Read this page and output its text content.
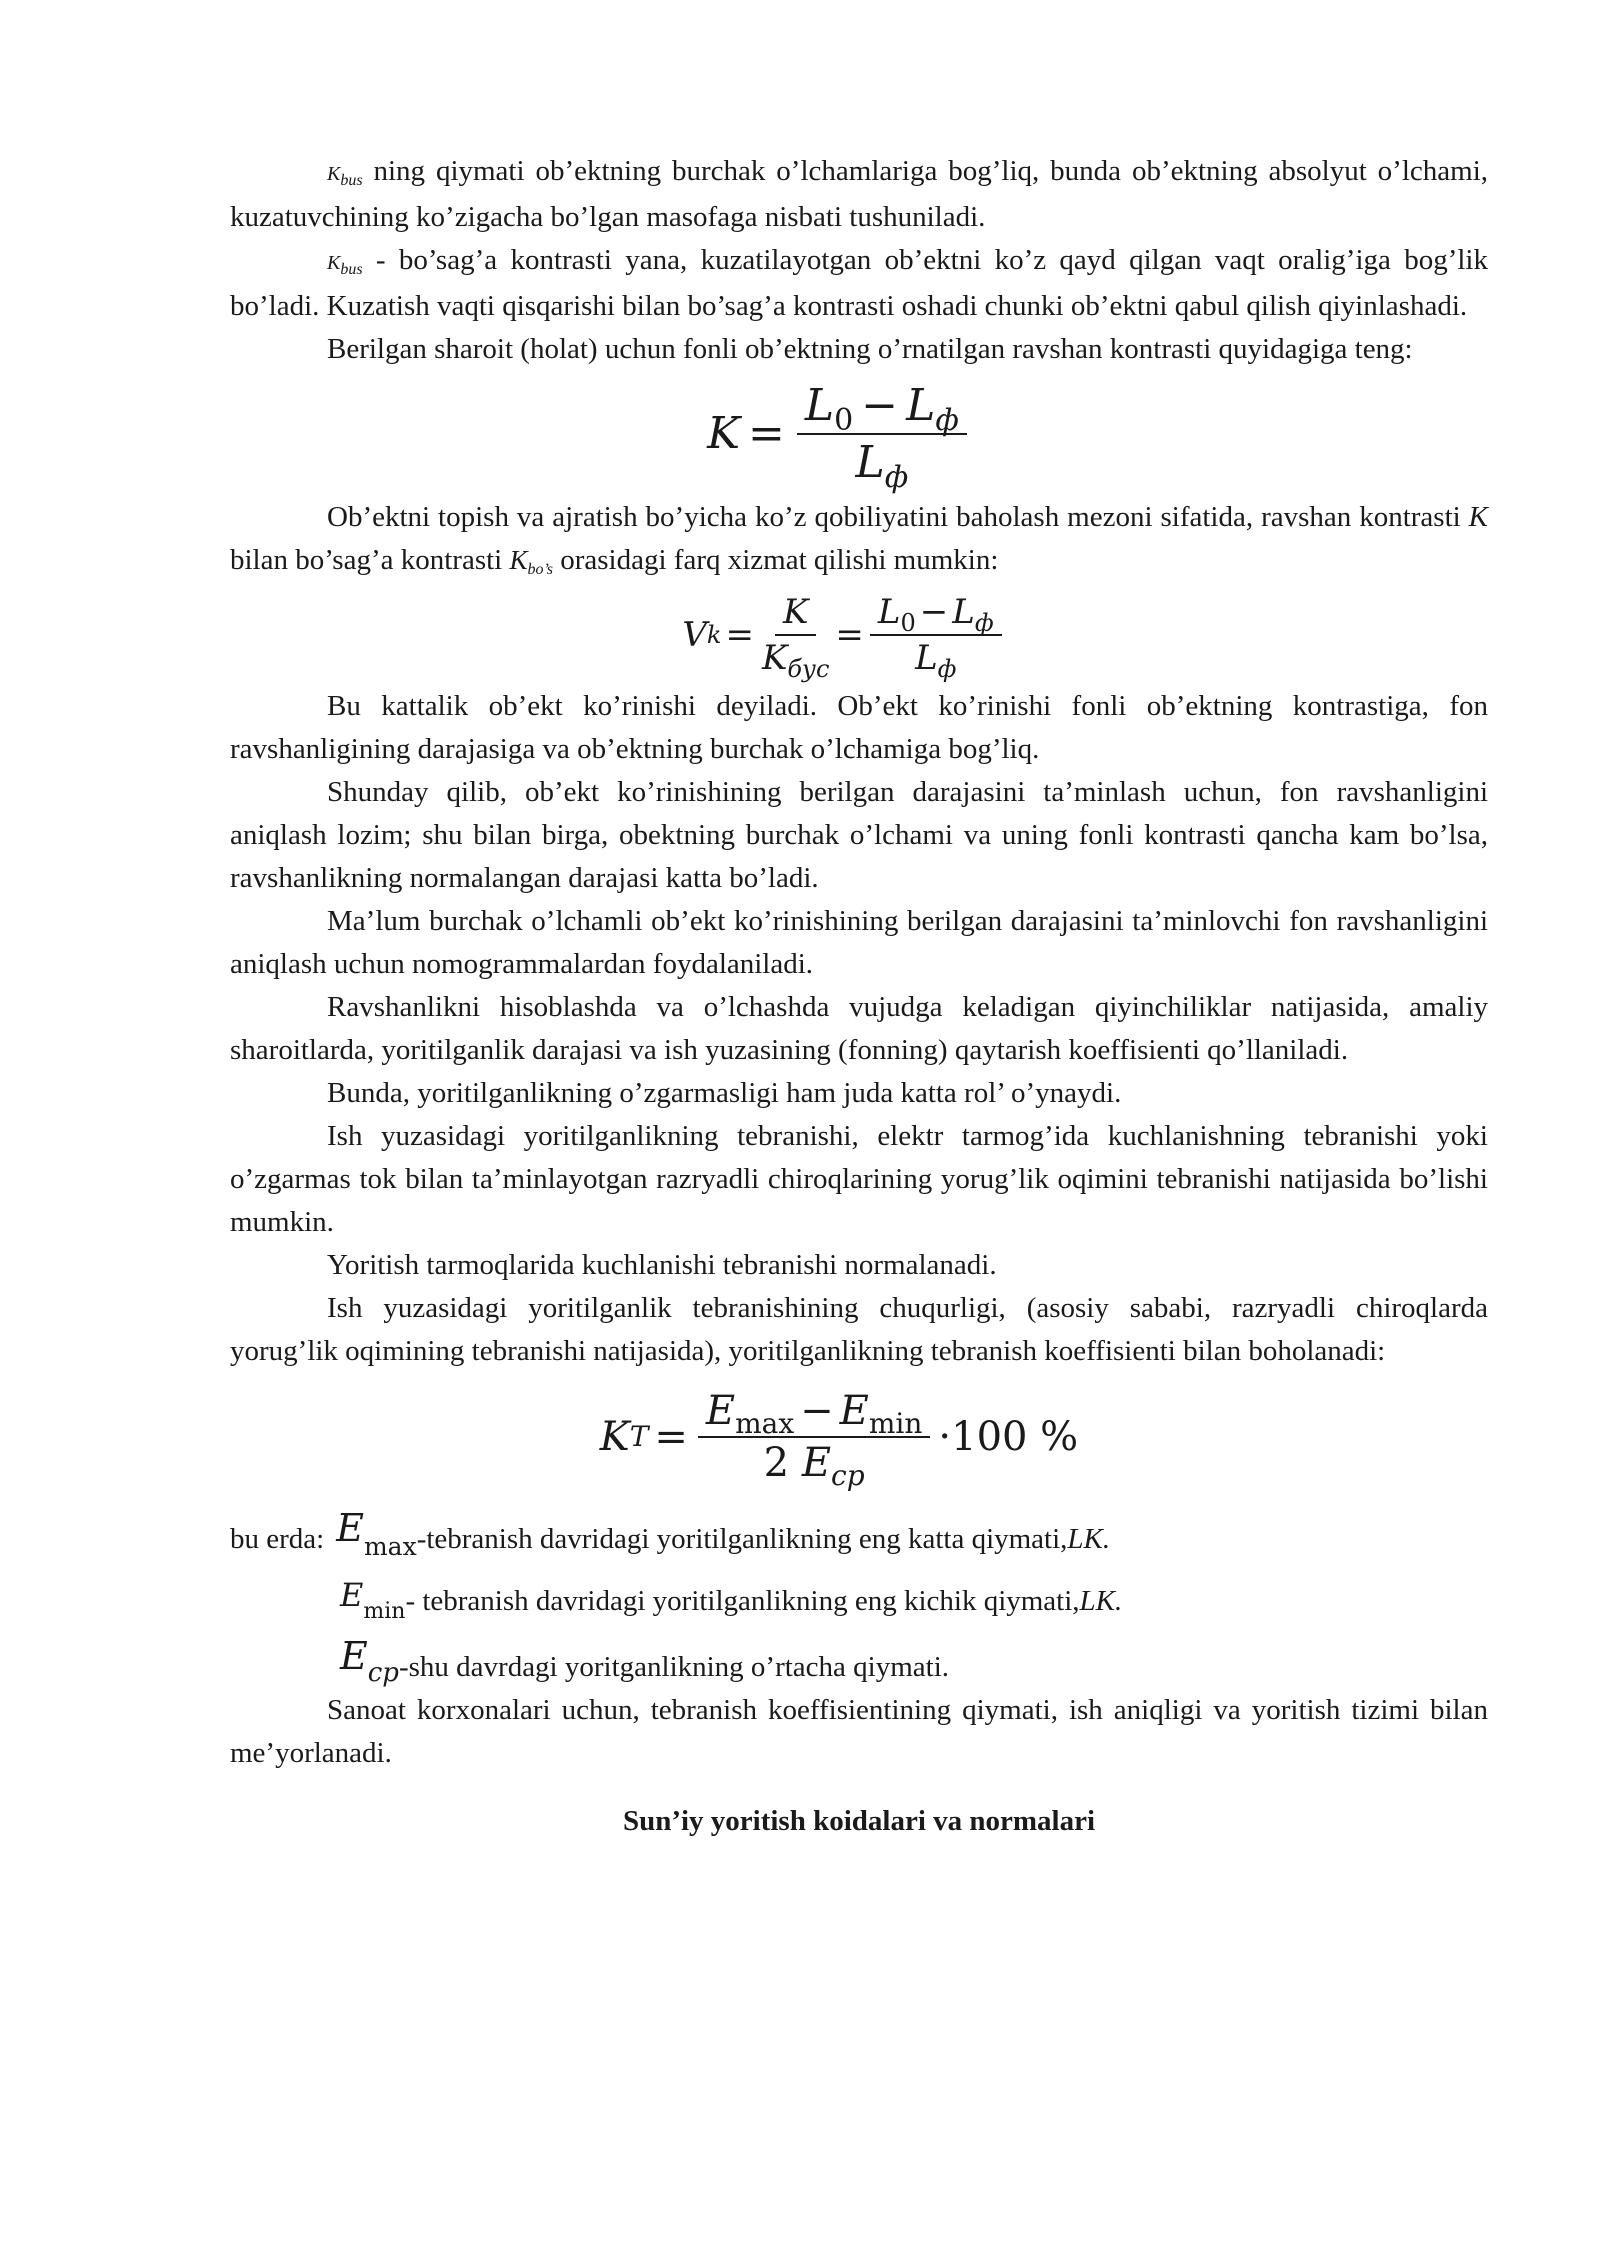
$K_{bus}$ ning qiymati ob’ektning burchak o’lchamlariga bog’liq, bunda ob’ektning absolyut o’lchami, kuzatuvchining ko’zigacha bo’lgan masofaga nisbati tushuniladi.

$K_{bus}$ - bo’sag’a kontrasti yana, kuzatilayotgan ob’ektni ko’z qayd qilgan vaqt oralig’iga bog’lik bo’ladi. Kuzatish vaqti qisqarishi bilan bo’sag’a kontrasti oshadi chunki ob’ektni qabul qilish qiyinlashadi.

Berilgan sharoit (holat) uchun fonli ob’ektning o’rnatilgan ravshan kontrasti quyidagiga teng:

$K = \frac{L_0 - L_ф}{L_ф}$

Ob’ektni topish va ajratish bo’yicha ko’z qobiliyatini baholash mezoni sifatida, ravshan kontrasti K bilan bo’sag’a kontrasti $K_{bo’s}$ orasidagi farq xizmat qilishi mumkin:

V $k = \frac{K}{K_{бус}} = \frac{L_0 - L_ф}{L_ф}$

Bu kattalik ob’ekt ko’rinishi deyiladi. Ob’ekt ko’rinishi fonli ob’ektning kontrastiga, fon ravshanligining darajasiga va ob’ektning burchak o’lchamiga bog’liq.

Shunday qilib, ob’ekt ko’rinishining berilgan darajasini ta’minlash uchun, fon ravshanligini aniqlash lozim; shu bilan birga, obektning burchak o’lchami va uning fonli kontrasti qancha kam bo’lsa, ravshanlikning normalangan darajasi katta bo’ladi.

Ma’lum burchak o’lchamli ob’ekt ko’rinishining berilgan darajasini ta’minlovchi fon ravshanligini aniqlash uchun nomogrammalardan foydalaniladi.

Ravshanlikni hisoblashda va o’lchashda vujudga keladigan qiyinchiliklar natijasida, amaliy sharoitlarda, yoritilganlik darajasi va ish yuzasining (fonning) qaytarish koeffisienti qo’llaniladi.

Bunda, yoritilganlikning o’zgarmasligi ham juda katta rol’ o’ynaydi.

Ish yuzasidagi yoritilganlikning tebranishi, elektr tarmog’ida kuchlanishning tebranishi yoki o’zgarmas tok bilan ta’minlayotgan razryadli chiroqlarining yorug’lik oqimini tebranishi natijasida bo’lishi mumkin.

Yoritish tarmoqlarida kuchlanishi tebranishi normalanadi.

Ish yuzasidagi yoritilganlik tebranishining chuqurligi, (asosiy sababi, razryadli chiroqlarda yorug’lik oqimining tebranishi natijasida), yoritilganlikning tebranish koeffisienti bilan boholanadi:

K $T = \frac{E_{max} - E_{min}}{2 E_{ср}} \cdot 100$ %
bu erda: $E_{max}$ -tebranish davridagi yoritilganlikning eng katta qiymati, LK.
$E_{min}$ - tebranish davridagi yoritilganlikning eng kichik qiymati, LK.
$E_{cp}$ -shu davrdagi yoritganlikning o’rtacha qiymati.

Sanoat korxonalari uchun, tebranish koeffisientining qiymati, ish aniqligi va yoritish tizimi bilan me’yorlanadi.

Sun’iy yoritish koidalari va normalari
